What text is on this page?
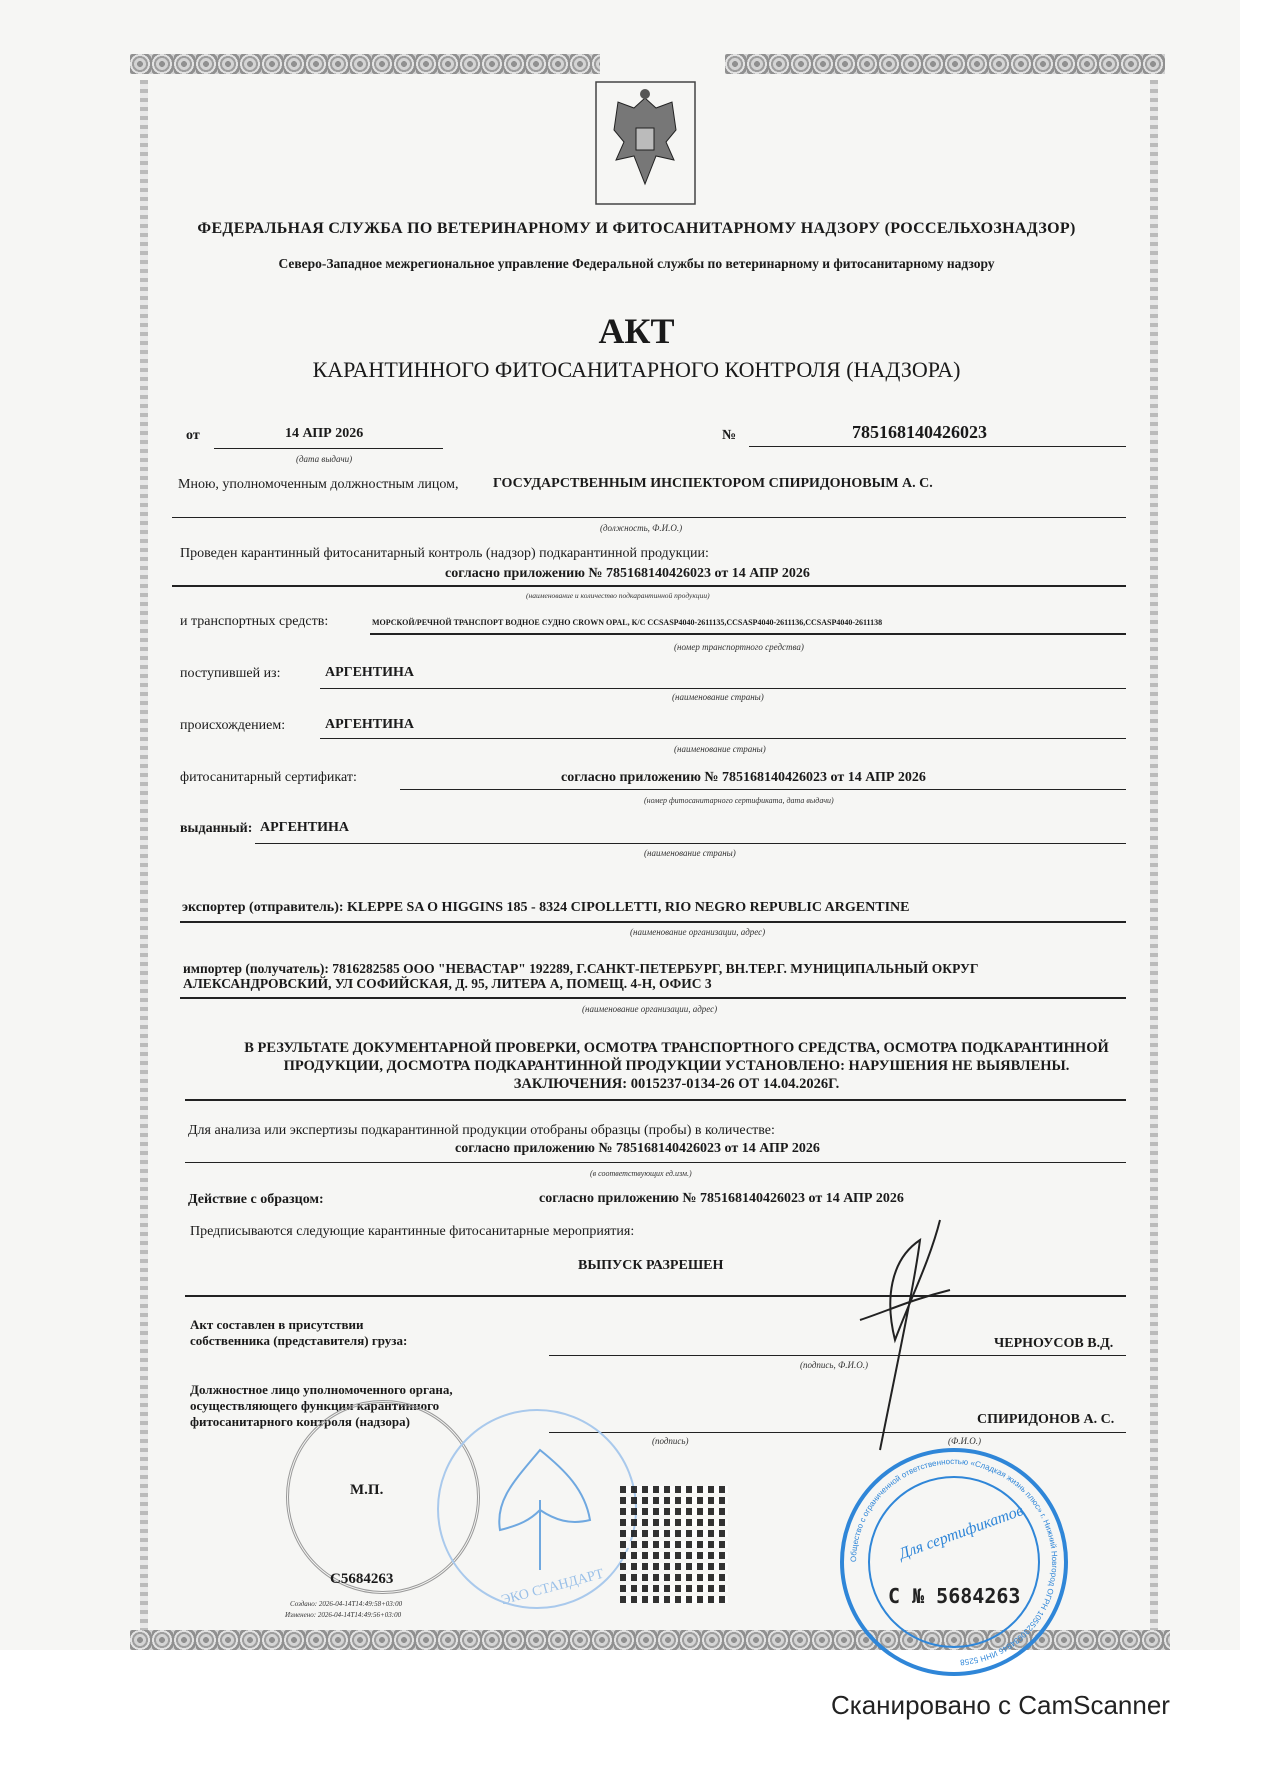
ФЕДЕРАЛЬНАЯ СЛУЖБА ПО ВЕТЕРИНАРНОМУ И ФИТОСАНИТАРНОМУ НАДЗОРУ (РОССЕЛЬХОЗНАДЗОР)
Северо-Западное межрегиональное управление Федеральной службы по ветеринарному и фитосанитарному надзору
АКТ
КАРАНТИННОГО ФИТОСАНИТАРНОГО КОНТРОЛЯ (НАДЗОРА)
от	14 АПР 2026
(дата выдачи)
№	785168140426023
Мною, уполномоченным должностным лицом, ГОСУДАРСТВЕННЫМ ИНСПЕКТОРОМ СПИРИДОНОВЫМ А. С.
(должность, Ф.И.О.)
Проведен карантинный фитосанитарный контроль (надзор) подкарантинной продукции:
согласно приложению № 785168140426023 от 14 АПР 2026
(наименование и количество подкарантинной продукции)
и транспортных средств:	МОРСКОЙ/РЕЧНОЙ ТРАНСПОРТ ВОДНОЕ СУДНО CROWN OPAL, К/С CCSASP4040-2611135,CCSASP4040-2611136,CCSASP4040-2611138
(номер транспортного средства)
поступившей из:	АРГЕНТИНА
(наименование страны)
происхождением:	АРГЕНТИНА
(наименование страны)
фитосанитарный сертификат:	согласно приложению № 785168140426023 от 14 АПР 2026
(номер фитосанитарного сертификата, дата выдачи)
выданный: АРГЕНТИНА
(наименование страны)
экспортер (отправитель): KLEPPE SA O HIGGINS 185 - 8324 CIPOLLETTI, RIO NEGRO REPUBLIC ARGENTINE
(наименование организации, адрес)
импортер (получатель): 7816282585 ООО "НЕВАСТАР" 192289, Г.САНКТ-ПЕТЕРБУРГ, ВН.ТЕР.Г. МУНИЦИПАЛЬНЫЙ ОКРУГ
АЛЕКСАНДРОВСКИЙ, УЛ СОФИЙСКАЯ, Д. 95, ЛИТЕРА А, ПОМЕЩ. 4-Н, ОФИС 3
(наименование организации, адрес)
В РЕЗУЛЬТАТЕ ДОКУМЕНТАРНОЙ ПРОВЕРКИ, ОСМОТРА ТРАНСПОРТНОГО СРЕДСТВА, ОСМОТРА ПОДКАРАНТИННОЙ
ПРОДУКЦИИ, ДОСМОТРА ПОДКАРАНТИННОЙ ПРОДУКЦИИ УСТАНОВЛЕНО: НАРУШЕНИЯ НЕ ВЫЯВЛЕНЫ.
ЗАКЛЮЧЕНИЯ: 0015237-0134-26 ОТ 14.04.2026Г.
Для анализа или экспертизы подкарантинной продукции отобраны образцы (пробы) в количестве:
согласно приложению № 785168140426023 от 14 АПР 2026
(в соответствующих ед.изм.)
Действие с образцом:	согласно приложению № 785168140426023 от 14 АПР 2026
Предписываются следующие карантинные фитосанитарные мероприятия:
ВЫПУСК РАЗРЕШЕН
Акт составлен в присутствии
собственника (представителя) груза:	ЧЕРНОУСОВ В.Д.
(подпись, Ф.И.О.)
Должностное лицо уполномоченного органа,
осуществляющего функции карантинного
фитосанитарного контроля (надзора)	СПИРИДОНОВ А. С.
(подпись)	(Ф.И.О.)
ЭКО СТАНДАРТ
М.П.
C5684263
Создано: 2026-04-14T14:49:58+03:00
Изменено: 2026-04-14T14:49:56+03:00
Общество с ограниченной ответственностью «Сладкая жизнь плюс» г. Нижний Новгород ОГРН 1055230034846 ИНН 5258
Для сертификатов
С № 5684263
Сканировано с CamScanner
